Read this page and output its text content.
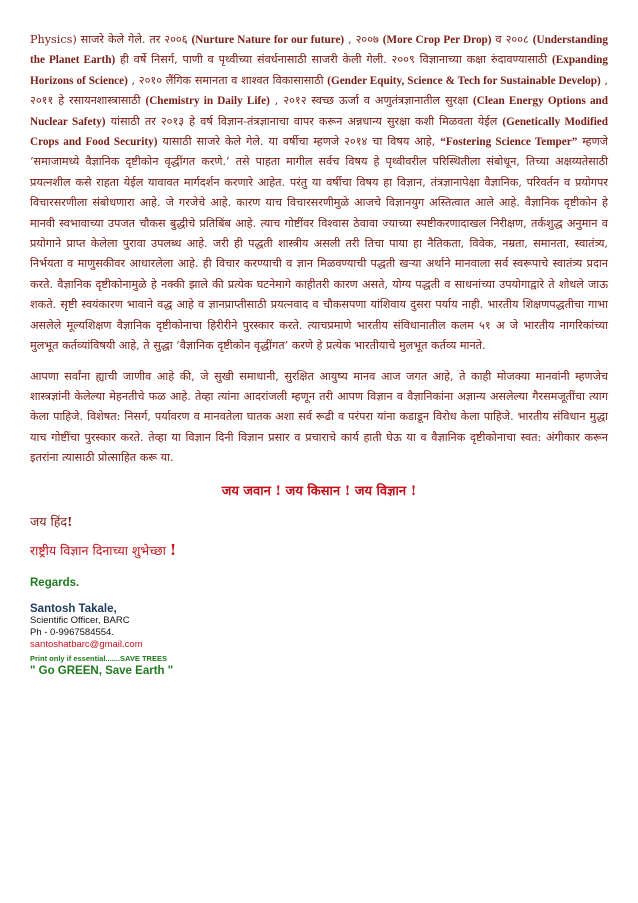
Physics) साजरे केले गेले. तर २००६ (Nurture Nature for our future) , २००७ (More Crop Per Drop) व २००८ (Understanding the Planet Earth) ही वर्षे निसर्ग, पाणी व पृथ्वीच्या संवर्धनासाठी साजरी केली गेली. २००९ विज्ञानाच्या कक्षा रुंदावण्यासाठी (Expanding Horizons of Science) , २०१० लैंगिक समानता व शाश्वत विकासासाठी (Gender Equity, Science & Tech for Sustainable Develop) , २०११ हे रसायनशास्त्रासाठी (Chemistry in Daily Life) , २०१२ स्वच्छ ऊर्जा व अणुतंत्रज्ञानातील सुरक्षा (Clean Energy Options and Nuclear Safety) यांसाठी तर २०१३ हे वर्ष विज्ञान-तंत्रज्ञानाचा वापर करून अन्नधान्य सुरक्षा कशी मिळवता येईल (Genetically Modified Crops and Food Security) यासाठी साजरे केले गेले. या वर्षीचा म्हणजे २०१४ चा विषय आहे, “Fostering Science Temper” म्हणजे ‘समाजामध्ये वैज्ञानिक दृष्टीकोन वृद्धींगत करणे.’ तसे पाहता मागील सर्वच विषय हे पृथ्वीवरील परिस्थितीला संबोधून, तिच्या अक्षय्यतेसाठी प्रयत्नशील कसे राहता येईल यावावत मार्गदर्शन करणारे आहेत. परंतु या वर्षीचा विषय हा विज्ञान, तंत्रज्ञानापेक्षा वैज्ञानिक, परिवर्तन व प्रयोगपर विचारसरणीला संबोधणारा आहे. जे गरजेचे आहे. कारण याच विचारसरणीमुळे आजचे विज्ञानयुग अस्तित्वात आले आहे. वैज्ञानिक दृष्टीकोन हे मानवी स्वभावाच्या उपजत चौकस बुद्धीचे प्रतिबिंब आहे. त्याच गोष्टींवर विश्वास ठेवावा ज्याच्या स्पष्टीकरणादाखल निरीक्षण, तर्कशुद्ध अनुमान व प्रयोगाने प्राप्त केलेला पुरावा उपलब्ध आहे. जरी ही पद्धती शास्त्रीय असली तरी तिचा पाया हा नैतिकता, विवेक, नम्रता, समानता, स्वातंत्र्य, निर्भयता व माणुसकीवर आधारलेला आहे. ही विचार करण्याची व ज्ञान मिळवण्याची पद्धती खऱ्या अर्थाने मानवाला सर्व स्वरूपाचे स्वातंत्र्य प्रदान करते. वैज्ञानिक दृष्टीकोनामुळे हे नक्की झाले की प्रत्येक घटनेमागे काहीतरी कारण असते, योग्य पद्धती व साधनांच्या उपयोगाद्वारे ते शोधले जाऊ शकते. सृष्टी स्वयंकारण भावाने वद्ध आहे व ज्ञानप्राप्तीसाठी प्रयत्नवाद व चौकसपणा यांशिवाय दुसरा पर्याय नाही. भारतीय शिक्षणपद्धतीचा गाभा असलेले मूल्यशिक्षण वैज्ञानिक दृष्टीकोनाचा हिरीरीने पुरस्कार करते. त्याचप्रमाणे भारतीय संविधानातील कलम ५१ अ जे भारतीय नागरिकांच्या मुलभूत कर्तव्यांविषयी आहे, ते सुद्धा ‘वैज्ञानिक दृष्टीकोन वृद्धींगत’ करणे हे प्रत्येक भारतीयाचे मुलभूत कर्तव्य मानते.

आपणा सर्वांना ह्याची जाणीव आहे की, जे सुखी समाधानी, सुरक्षित आयुष्य मानव आज जगत आहे, ते काही मोजक्या मानवांनी म्हणजेच शास्त्रज्ञांनी केलेल्या मेहनतीचे फळ आहे. तेव्हा त्यांना आदरांजली म्हणून तरी आपण विज्ञान व वैज्ञानिकांना अज्ञान्य असलेल्या गैरसमजूतींचा त्याग केला पाहिजे. विशेषत: निसर्ग, पर्यावरण व मानवतेला घातक अशा सर्व रूढी व परंपरा यांना कडाडून विरोध केला पाहिजे. भारतीय संविधान मुद्धा याच गोष्टींचा पुरस्कार करते. तेव्हा या विज्ञान दिनी विज्ञान प्रसार व प्रचाराचे कार्य हाती घेऊ या व वैज्ञानिक दृष्टीकोनाचा स्वत: अंगीकार करून इतरांना त्यासाठी प्रोत्साहित करू या.

जय जवान ! जय किसान ! जय विज्ञान !
जय हिंद!
राष्ट्रीय विज्ञान दिनाच्या शुभेच्छा !
Regards.
Santosh Takale,
Scientific Officer, BARC
Ph - 0-9967584554.
santoshatbarc@gmail.com
Print only if essential.......SAVE TREES
" Go GREEN, Save Earth "
